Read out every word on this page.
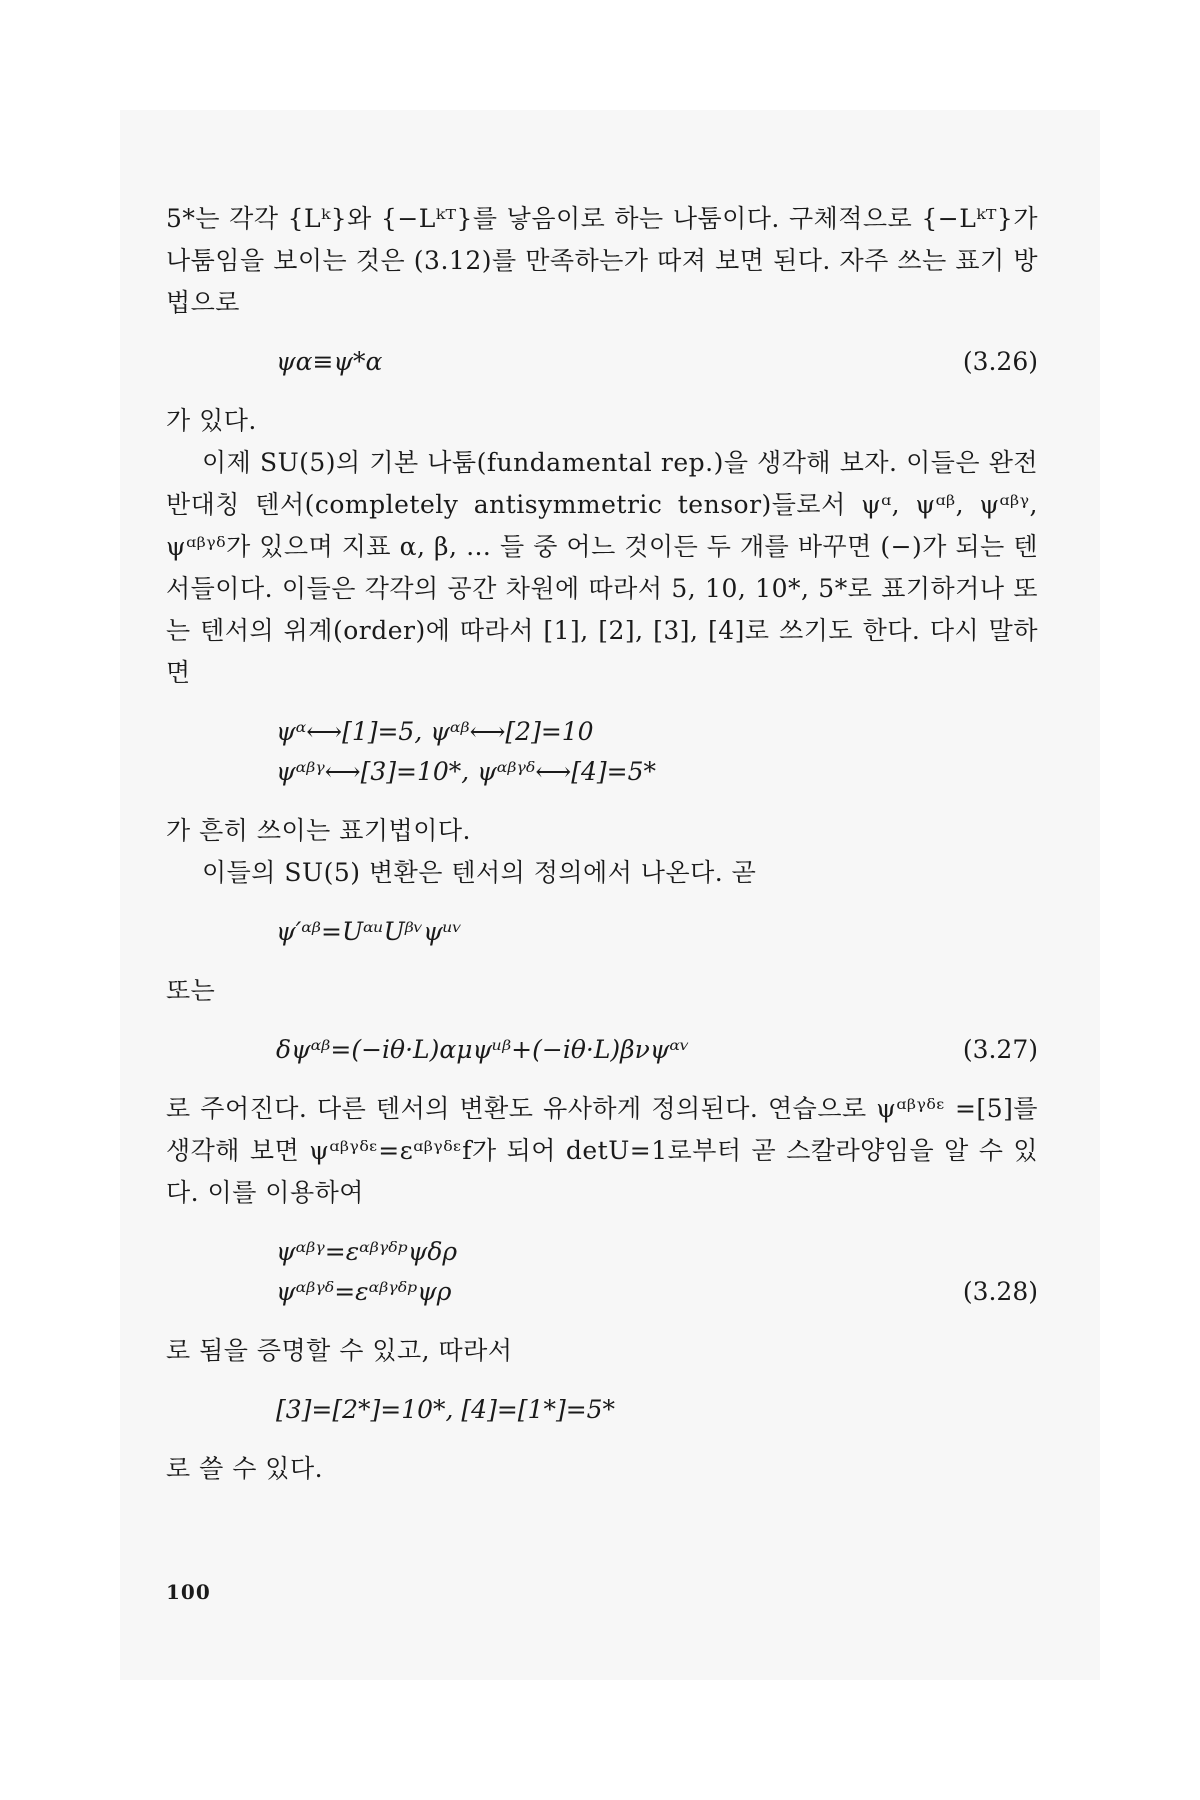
5*는 각각 {Lᵏ}와 {−Lᵏᵀ}를 낳음이로 하는 나툼이다. 구체적으로 {−Lᵏᵀ}가 나툼임을 보이는 것은 (3.12)를 만족하는가 따져 보면 된다. 자주 쓰는 표기 방법으로

ψα≡ψ*α	(3.26)

가 있다.

이제 SU(5)의 기본 나툼(fundamental rep.)을 생각해 보자. 이들은 완전 반대칭 텐서(completely antisymmetric tensor)들로서 ψᵅ, ψᵅᵝ, ψᵅᵝᵞ, ψᵅᵝᵞᵟ가 있으며 지표 α, β, … 들 중 어느 것이든 두 개를 바꾸면 (−)가 되는 텐서들이다. 이들은 각각의 공간 차원에 따라서 5, 10, 10*, 5*로 표기하거나 또는 텐서의 위계(order)에 따라서 [1], [2], [3], [4]로 쓰기도 한다. 다시 말하면

ψᵅ⟷[1]=5, ψᵅᵝ⟷[2]=10
ψᵅᵝᵞ⟷[3]=10*, ψᵅᵝᵞᵟ⟷[4]=5*

가 흔히 쓰이는 표기법이다.

이들의 SU(5) 변환은 텐서의 정의에서 나온다. 곧

ψ′ᵅᵝ=UᵅᵘUᵝᵛψᵘᵛ

또는

δψᵅᵝ=(−iθ·L)αμψᵘᵝ+(−iθ·L)βνψᵅᵛ	(3.27)

로 주어진다. 다른 텐서의 변환도 유사하게 정의된다. 연습으로 ψᵅᵝᵞᵟᵋ =[5]를 생각해 보면 ψᵅᵝᵞᵟᵋ=εᵅᵝᵞᵟᵋf가 되어 detU=1로부터 곧 스칼라양임을 알 수 있다. 이를 이용하여

ψᵅᵝᵞ=εᵅᵝᵞᵟᵖψδρ
ψᵅᵝᵞᵟ=εᵅᵝᵞᵟᵖψρ	(3.28)

로 됨을 증명할 수 있고, 따라서

[3]=[2*]=10*, [4]=[1*]=5*

로 쓸 수 있다.

100
